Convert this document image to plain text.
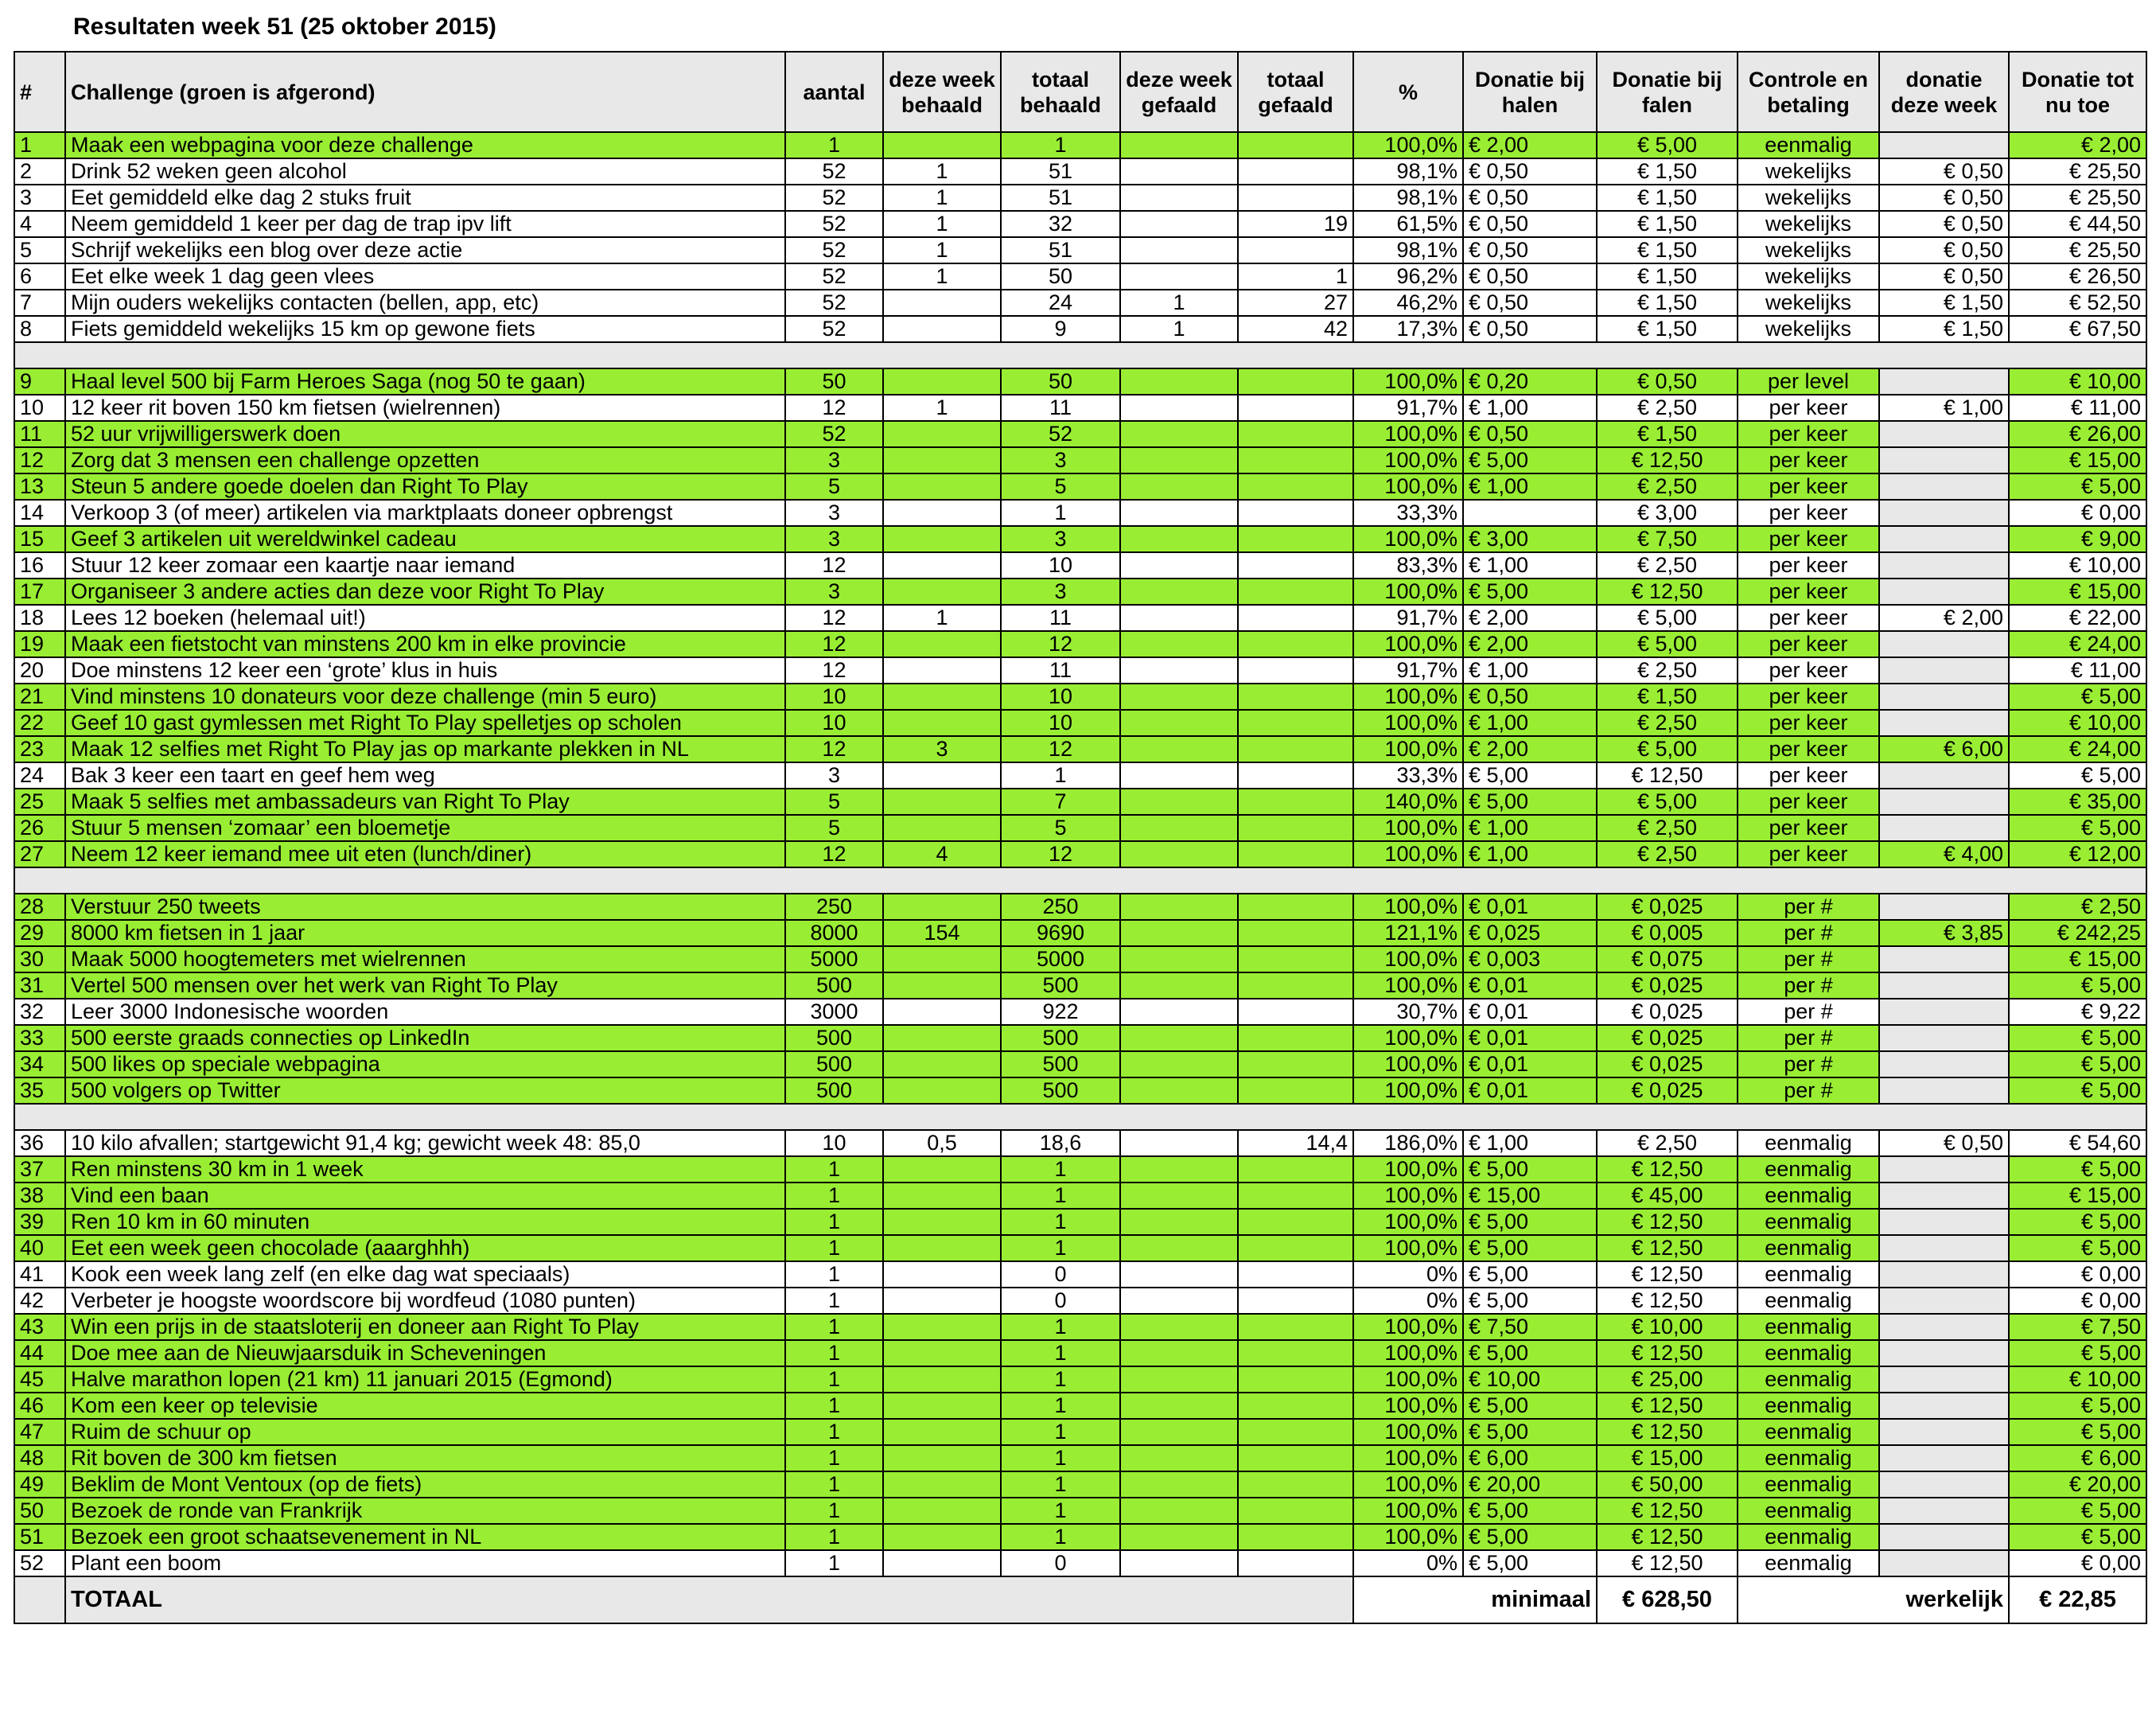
Resultaten week 51 (25 oktober 2015)
#	Challenge (groen is afgerond)	aantal	deze week behaald	totaal behaald	deze week gefaald	totaal gefaald	%	Donatie bij halen	Donatie bij falen	Controle en betaling	donatie deze week	Donatie tot nu toe	
1	Maak een webpagina voor deze challenge	1		1			100,0%	€ 2,00	€ 5,00	eenmalig		€ 2,00	
2	Drink 52 weken geen alcohol	52	1	51			98,1%	€ 0,50	€ 1,50	wekelijks	€ 0,50	€ 25,50	
3	Eet gemiddeld elke dag 2 stuks fruit	52	1	51			98,1%	€ 0,50	€ 1,50	wekelijks	€ 0,50	€ 25,50	
4	Neem gemiddeld 1 keer per dag de trap ipv lift	52	1	32		19	61,5%	€ 0,50	€ 1,50	wekelijks	€ 0,50	€ 44,50	
5	Schrijf wekelijks een blog over deze actie	52	1	51			98,1%	€ 0,50	€ 1,50	wekelijks	€ 0,50	€ 25,50	
6	Eet elke week 1 dag geen vlees	52	1	50		1	96,2%	€ 0,50	€ 1,50	wekelijks	€ 0,50	€ 26,50	
7	Mijn ouders wekelijks contacten (bellen, app, etc)	52		24	1	27	46,2%	€ 0,50	€ 1,50	wekelijks	€ 1,50	€ 52,50	
8	Fiets gemiddeld wekelijks 15 km op gewone fiets	52		9	1	42	17,3%	€ 0,50	€ 1,50	wekelijks	€ 1,50	€ 67,50	

9	Haal level 500 bij Farm Heroes Saga (nog 50 te gaan)	50		50			100,0%	€ 0,20	€ 0,50	per level		€ 10,00	
10	12 keer rit boven 150 km fietsen (wielrennen)	12	1	11			91,7%	€ 1,00	€ 2,50	per keer	€ 1,00	€ 11,00	
11	52 uur vrijwilligerswerk doen	52		52			100,0%	€ 0,50	€ 1,50	per keer		€ 26,00	
12	Zorg dat 3 mensen een challenge opzetten	3		3			100,0%	€ 5,00	€ 12,50	per keer		€ 15,00	
13	Steun 5 andere goede doelen dan Right To Play	5		5			100,0%	€ 1,00	€ 2,50	per keer		€ 5,00	
14	Verkoop 3 (of meer) artikelen via marktplaats doneer opbrengst	3		1			33,3%		€ 3,00	per keer		€ 0,00	
15	Geef 3 artikelen uit wereldwinkel cadeau	3		3			100,0%	€ 3,00	€ 7,50	per keer		€ 9,00	
16	Stuur 12 keer zomaar een kaartje naar iemand	12		10			83,3%	€ 1,00	€ 2,50	per keer		€ 10,00	
17	Organiseer 3 andere acties dan deze voor Right To Play	3		3			100,0%	€ 5,00	€ 12,50	per keer		€ 15,00	
18	Lees 12 boeken (helemaal uit!)	12	1	11			91,7%	€ 2,00	€ 5,00	per keer	€ 2,00	€ 22,00	
19	Maak een fietstocht van minstens 200 km in elke provincie	12		12			100,0%	€ 2,00	€ 5,00	per keer		€ 24,00	
20	Doe minstens 12 keer een ‘grote’ klus in huis	12		11			91,7%	€ 1,00	€ 2,50	per keer		€ 11,00	
21	Vind minstens 10 donateurs voor deze challenge (min 5 euro)	10		10			100,0%	€ 0,50	€ 1,50	per keer		€ 5,00	
22	Geef 10 gast gymlessen met Right To Play spelletjes op scholen	10		10			100,0%	€ 1,00	€ 2,50	per keer		€ 10,00	
23	Maak 12 selfies met Right To Play jas op markante plekken in NL	12	3	12			100,0%	€ 2,00	€ 5,00	per keer	€ 6,00	€ 24,00	
24	Bak 3 keer een taart en geef hem weg	3		1			33,3%	€ 5,00	€ 12,50	per keer		€ 5,00	
25	Maak 5 selfies met ambassadeurs van Right To Play	5		7			140,0%	€ 5,00	€ 5,00	per keer		€ 35,00	
26	Stuur 5 mensen ‘zomaar’ een bloemetje	5		5			100,0%	€ 1,00	€ 2,50	per keer		€ 5,00	
27	Neem 12 keer iemand mee uit eten (lunch/diner)	12	4	12			100,0%	€ 1,00	€ 2,50	per keer	€ 4,00	€ 12,00	

28	Verstuur 250 tweets	250		250			100,0%	€ 0,01	€ 0,025	per #		€ 2,50	
29	8000 km fietsen in 1 jaar	8000	154	9690			121,1%	€ 0,025	€ 0,005	per #	€ 3,85	€ 242,25	
30	Maak 5000 hoogtemeters met wielrennen	5000		5000			100,0%	€ 0,003	€ 0,075	per #		€ 15,00	
31	Vertel 500 mensen over het werk van Right To Play	500		500			100,0%	€ 0,01	€ 0,025	per #		€ 5,00	
32	Leer 3000 Indonesische woorden	3000		922			30,7%	€ 0,01	€ 0,025	per #		€ 9,22	
33	500 eerste graads connecties op LinkedIn	500		500			100,0%	€ 0,01	€ 0,025	per #		€ 5,00	
34	500 likes op speciale webpagina	500		500			100,0%	€ 0,01	€ 0,025	per #		€ 5,00	
35	500 volgers op Twitter	500		500			100,0%	€ 0,01	€ 0,025	per #		€ 5,00	

36	10 kilo afvallen; startgewicht 91,4 kg; gewicht week 48: 85,0	10	0,5	18,6		14,4	186,0%	€ 1,00	€ 2,50	eenmalig	€ 0,50	€ 54,60	
37	Ren minstens 30 km in 1 week	1		1			100,0%	€ 5,00	€ 12,50	eenmalig		€ 5,00	
38	Vind een baan	1		1			100,0%	€ 15,00	€ 45,00	eenmalig		€ 15,00	
39	Ren 10 km in 60 minuten	1		1			100,0%	€ 5,00	€ 12,50	eenmalig		€ 5,00	
40	Eet een week geen chocolade (aaarghhh)	1		1			100,0%	€ 5,00	€ 12,50	eenmalig		€ 5,00	
41	Kook een week lang zelf (en elke dag wat speciaals)	1		0			0%	€ 5,00	€ 12,50	eenmalig		€ 0,00	
42	Verbeter je hoogste woordscore bij wordfeud (1080 punten)	1		0			0%	€ 5,00	€ 12,50	eenmalig		€ 0,00	
43	Win een prijs in de staatsloterij en doneer aan Right To Play	1		1			100,0%	€ 7,50	€ 10,00	eenmalig		€ 7,50	
44	Doe mee aan de Nieuwjaarsduik in Scheveningen	1		1			100,0%	€ 5,00	€ 12,50	eenmalig		€ 5,00	
45	Halve marathon lopen (21 km) 11 januari 2015 (Egmond)	1		1			100,0%	€ 10,00	€ 25,00	eenmalig		€ 10,00	
46	Kom een keer op televisie	1		1			100,0%	€ 5,00	€ 12,50	eenmalig		€ 5,00	
47	Ruim de schuur op	1		1			100,0%	€ 5,00	€ 12,50	eenmalig		€ 5,00	
48	Rit boven de 300 km fietsen	1		1			100,0%	€ 6,00	€ 15,00	eenmalig		€ 6,00	
49	Beklim de Mont Ventoux (op de fiets)	1		1			100,0%	€ 20,00	€ 50,00	eenmalig		€ 20,00	
50	Bezoek de ronde van Frankrijk	1		1			100,0%	€ 5,00	€ 12,50	eenmalig		€ 5,00	
51	Bezoek een groot schaatsevenement in NL	1		1			100,0%	€ 5,00	€ 12,50	eenmalig		€ 5,00	
52	Plant een boom	1		0			0%	€ 5,00	€ 12,50	eenmalig		€ 0,00	
	TOTAAL						minimaal		€ 628,50	werkelijk		€ 22,85	
